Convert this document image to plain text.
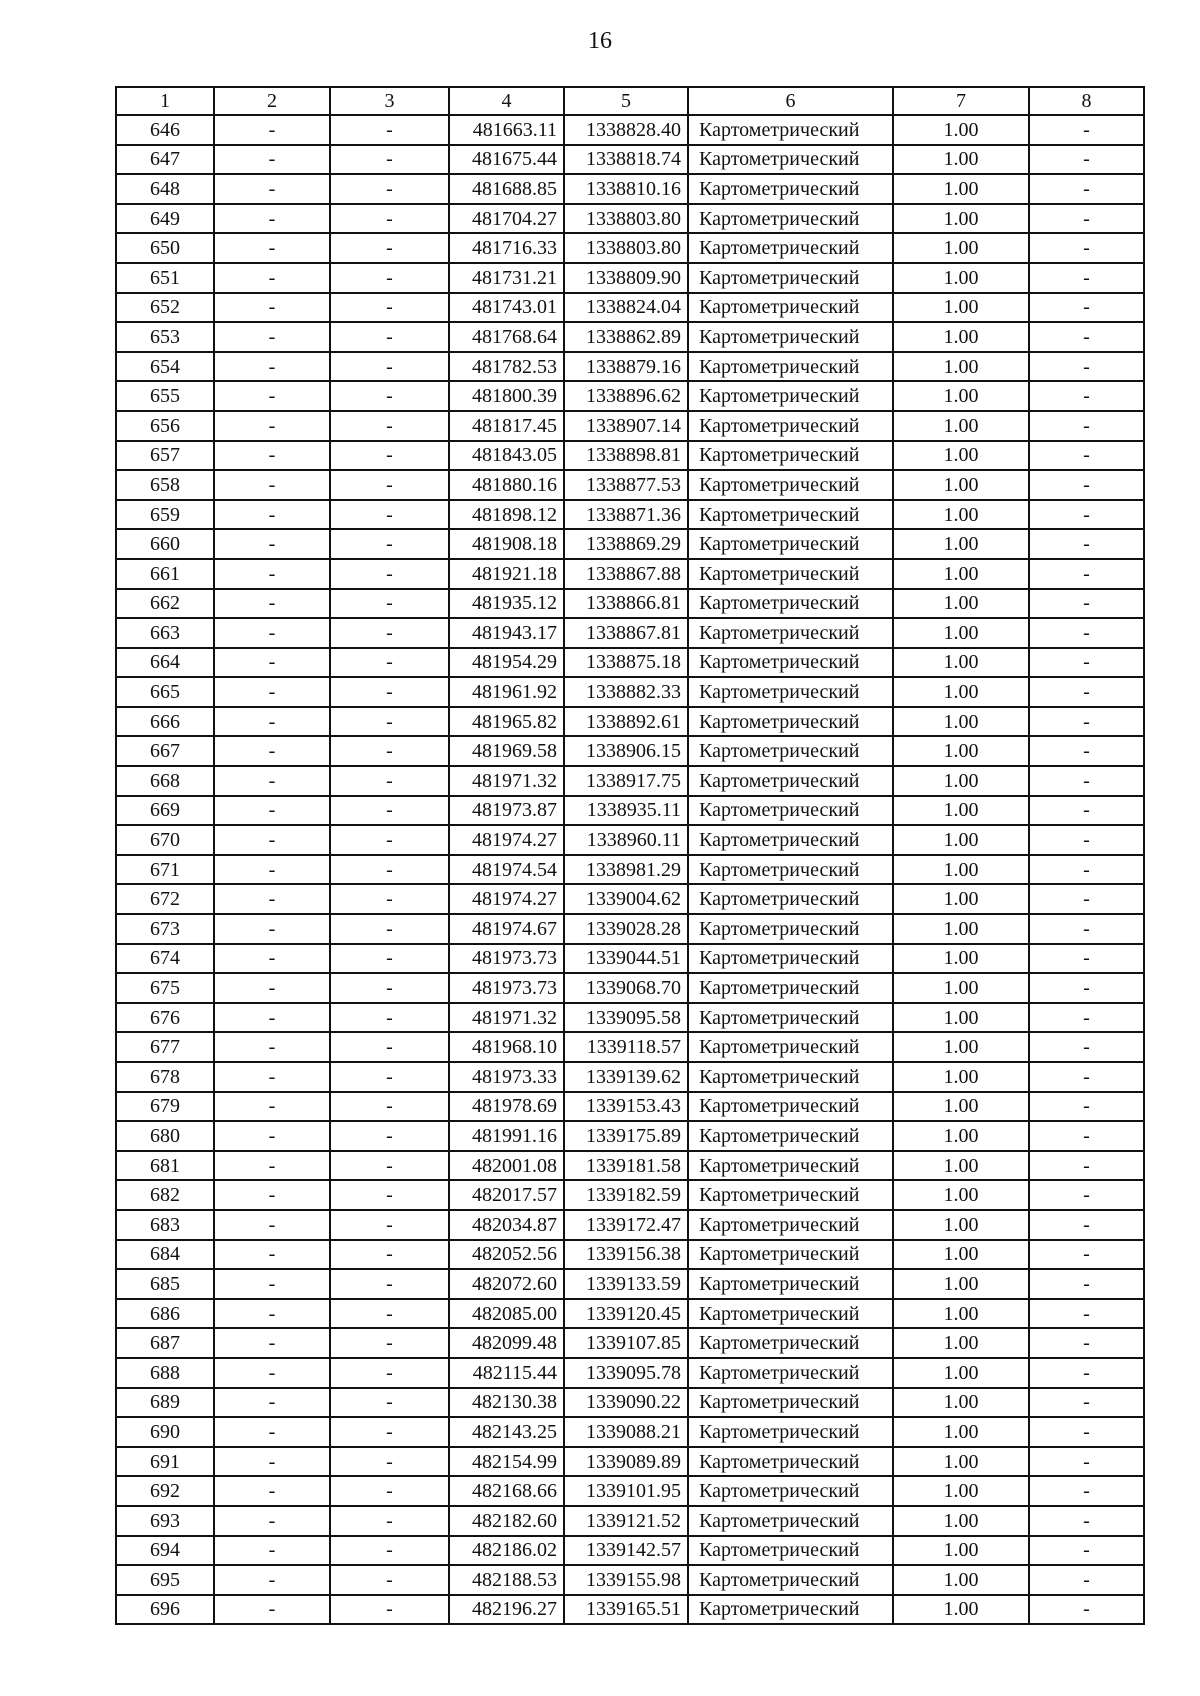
16
1	2	3	4	5	6	7	8
646	-	-	481663.11	1338828.40	Картометрический	1.00	-
647	-	-	481675.44	1338818.74	Картометрический	1.00	-
648	-	-	481688.85	1338810.16	Картометрический	1.00	-
649	-	-	481704.27	1338803.80	Картометрический	1.00	-
650	-	-	481716.33	1338803.80	Картометрический	1.00	-
651	-	-	481731.21	1338809.90	Картометрический	1.00	-
652	-	-	481743.01	1338824.04	Картометрический	1.00	-
653	-	-	481768.64	1338862.89	Картометрический	1.00	-
654	-	-	481782.53	1338879.16	Картометрический	1.00	-
655	-	-	481800.39	1338896.62	Картометрический	1.00	-
656	-	-	481817.45	1338907.14	Картометрический	1.00	-
657	-	-	481843.05	1338898.81	Картометрический	1.00	-
658	-	-	481880.16	1338877.53	Картометрический	1.00	-
659	-	-	481898.12	1338871.36	Картометрический	1.00	-
660	-	-	481908.18	1338869.29	Картометрический	1.00	-
661	-	-	481921.18	1338867.88	Картометрический	1.00	-
662	-	-	481935.12	1338866.81	Картометрический	1.00	-
663	-	-	481943.17	1338867.81	Картометрический	1.00	-
664	-	-	481954.29	1338875.18	Картометрический	1.00	-
665	-	-	481961.92	1338882.33	Картометрический	1.00	-
666	-	-	481965.82	1338892.61	Картометрический	1.00	-
667	-	-	481969.58	1338906.15	Картометрический	1.00	-
668	-	-	481971.32	1338917.75	Картометрический	1.00	-
669	-	-	481973.87	1338935.11	Картометрический	1.00	-
670	-	-	481974.27	1338960.11	Картометрический	1.00	-
671	-	-	481974.54	1338981.29	Картометрический	1.00	-
672	-	-	481974.27	1339004.62	Картометрический	1.00	-
673	-	-	481974.67	1339028.28	Картометрический	1.00	-
674	-	-	481973.73	1339044.51	Картометрический	1.00	-
675	-	-	481973.73	1339068.70	Картометрический	1.00	-
676	-	-	481971.32	1339095.58	Картометрический	1.00	-
677	-	-	481968.10	1339118.57	Картометрический	1.00	-
678	-	-	481973.33	1339139.62	Картометрический	1.00	-
679	-	-	481978.69	1339153.43	Картометрический	1.00	-
680	-	-	481991.16	1339175.89	Картометрический	1.00	-
681	-	-	482001.08	1339181.58	Картометрический	1.00	-
682	-	-	482017.57	1339182.59	Картометрический	1.00	-
683	-	-	482034.87	1339172.47	Картометрический	1.00	-
684	-	-	482052.56	1339156.38	Картометрический	1.00	-
685	-	-	482072.60	1339133.59	Картометрический	1.00	-
686	-	-	482085.00	1339120.45	Картометрический	1.00	-
687	-	-	482099.48	1339107.85	Картометрический	1.00	-
688	-	-	482115.44	1339095.78	Картометрический	1.00	-
689	-	-	482130.38	1339090.22	Картометрический	1.00	-
690	-	-	482143.25	1339088.21	Картометрический	1.00	-
691	-	-	482154.99	1339089.89	Картометрический	1.00	-
692	-	-	482168.66	1339101.95	Картометрический	1.00	-
693	-	-	482182.60	1339121.52	Картометрический	1.00	-
694	-	-	482186.02	1339142.57	Картометрический	1.00	-
695	-	-	482188.53	1339155.98	Картометрический	1.00	-
696	-	-	482196.27	1339165.51	Картометрический	1.00	-
